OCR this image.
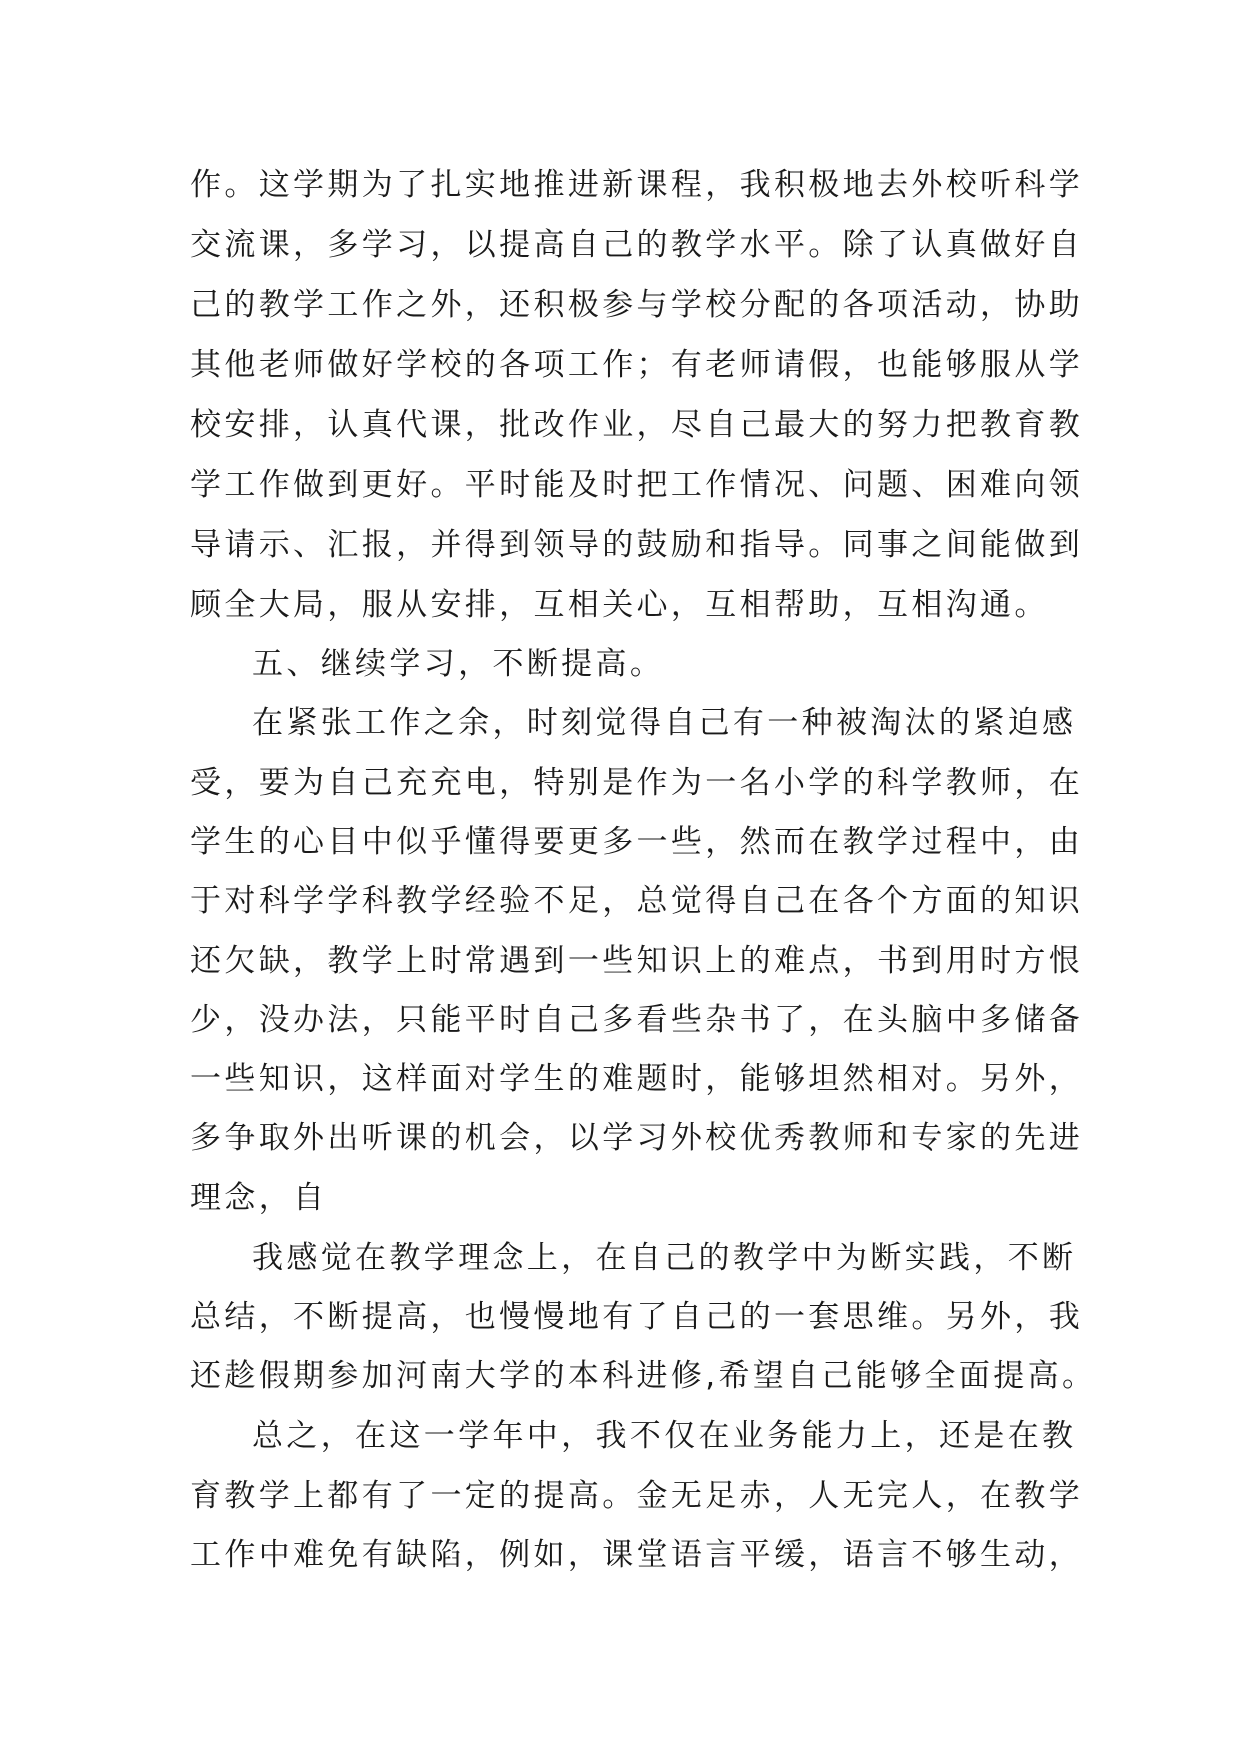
作。这学期为了扎实地推进新课程，我积极地去外校听科学
交流课，多学习，以提高自己的教学水平。除了认真做好自
己的教学工作之外，还积极参与学校分配的各项活动，协助
其他老师做好学校的各项工作；有老师请假，也能够服从学
校安排，认真代课，批改作业，尽自己最大的努力把教育教
学工作做到更好。平时能及时把工作情况、问题、困难向领
导请示、汇报，并得到领导的鼓励和指导。同事之间能做到
顾全大局，服从安排，互相关心，互相帮助，互相沟通。
五、继续学习，不断提高。
在紧张工作之余，时刻觉得自己有一种被淘汰的紧迫感
受，要为自己充充电，特别是作为一名小学的科学教师，在
学生的心目中似乎懂得要更多一些，然而在教学过程中，由
于对科学学科教学经验不足，总觉得自己在各个方面的知识
还欠缺，教学上时常遇到一些知识上的难点，书到用时方恨
少，没办法，只能平时自己多看些杂书了，在头脑中多储备
一些知识，这样面对学生的难题时，能够坦然相对。另外，
多争取外出听课的机会，以学习外校优秀教师和专家的先进
理念，自
我感觉在教学理念上，在自己的教学中为断实践，不断
总结，不断提高，也慢慢地有了自己的一套思维。另外，我
还趁假期参加河南大学的本科进修,希望自己能够全面提高。
总之，在这一学年中，我不仅在业务能力上，还是在教
育教学上都有了一定的提高。金无足赤，人无完人，在教学
工作中难免有缺陷，例如，课堂语言平缓，语言不够生动，
